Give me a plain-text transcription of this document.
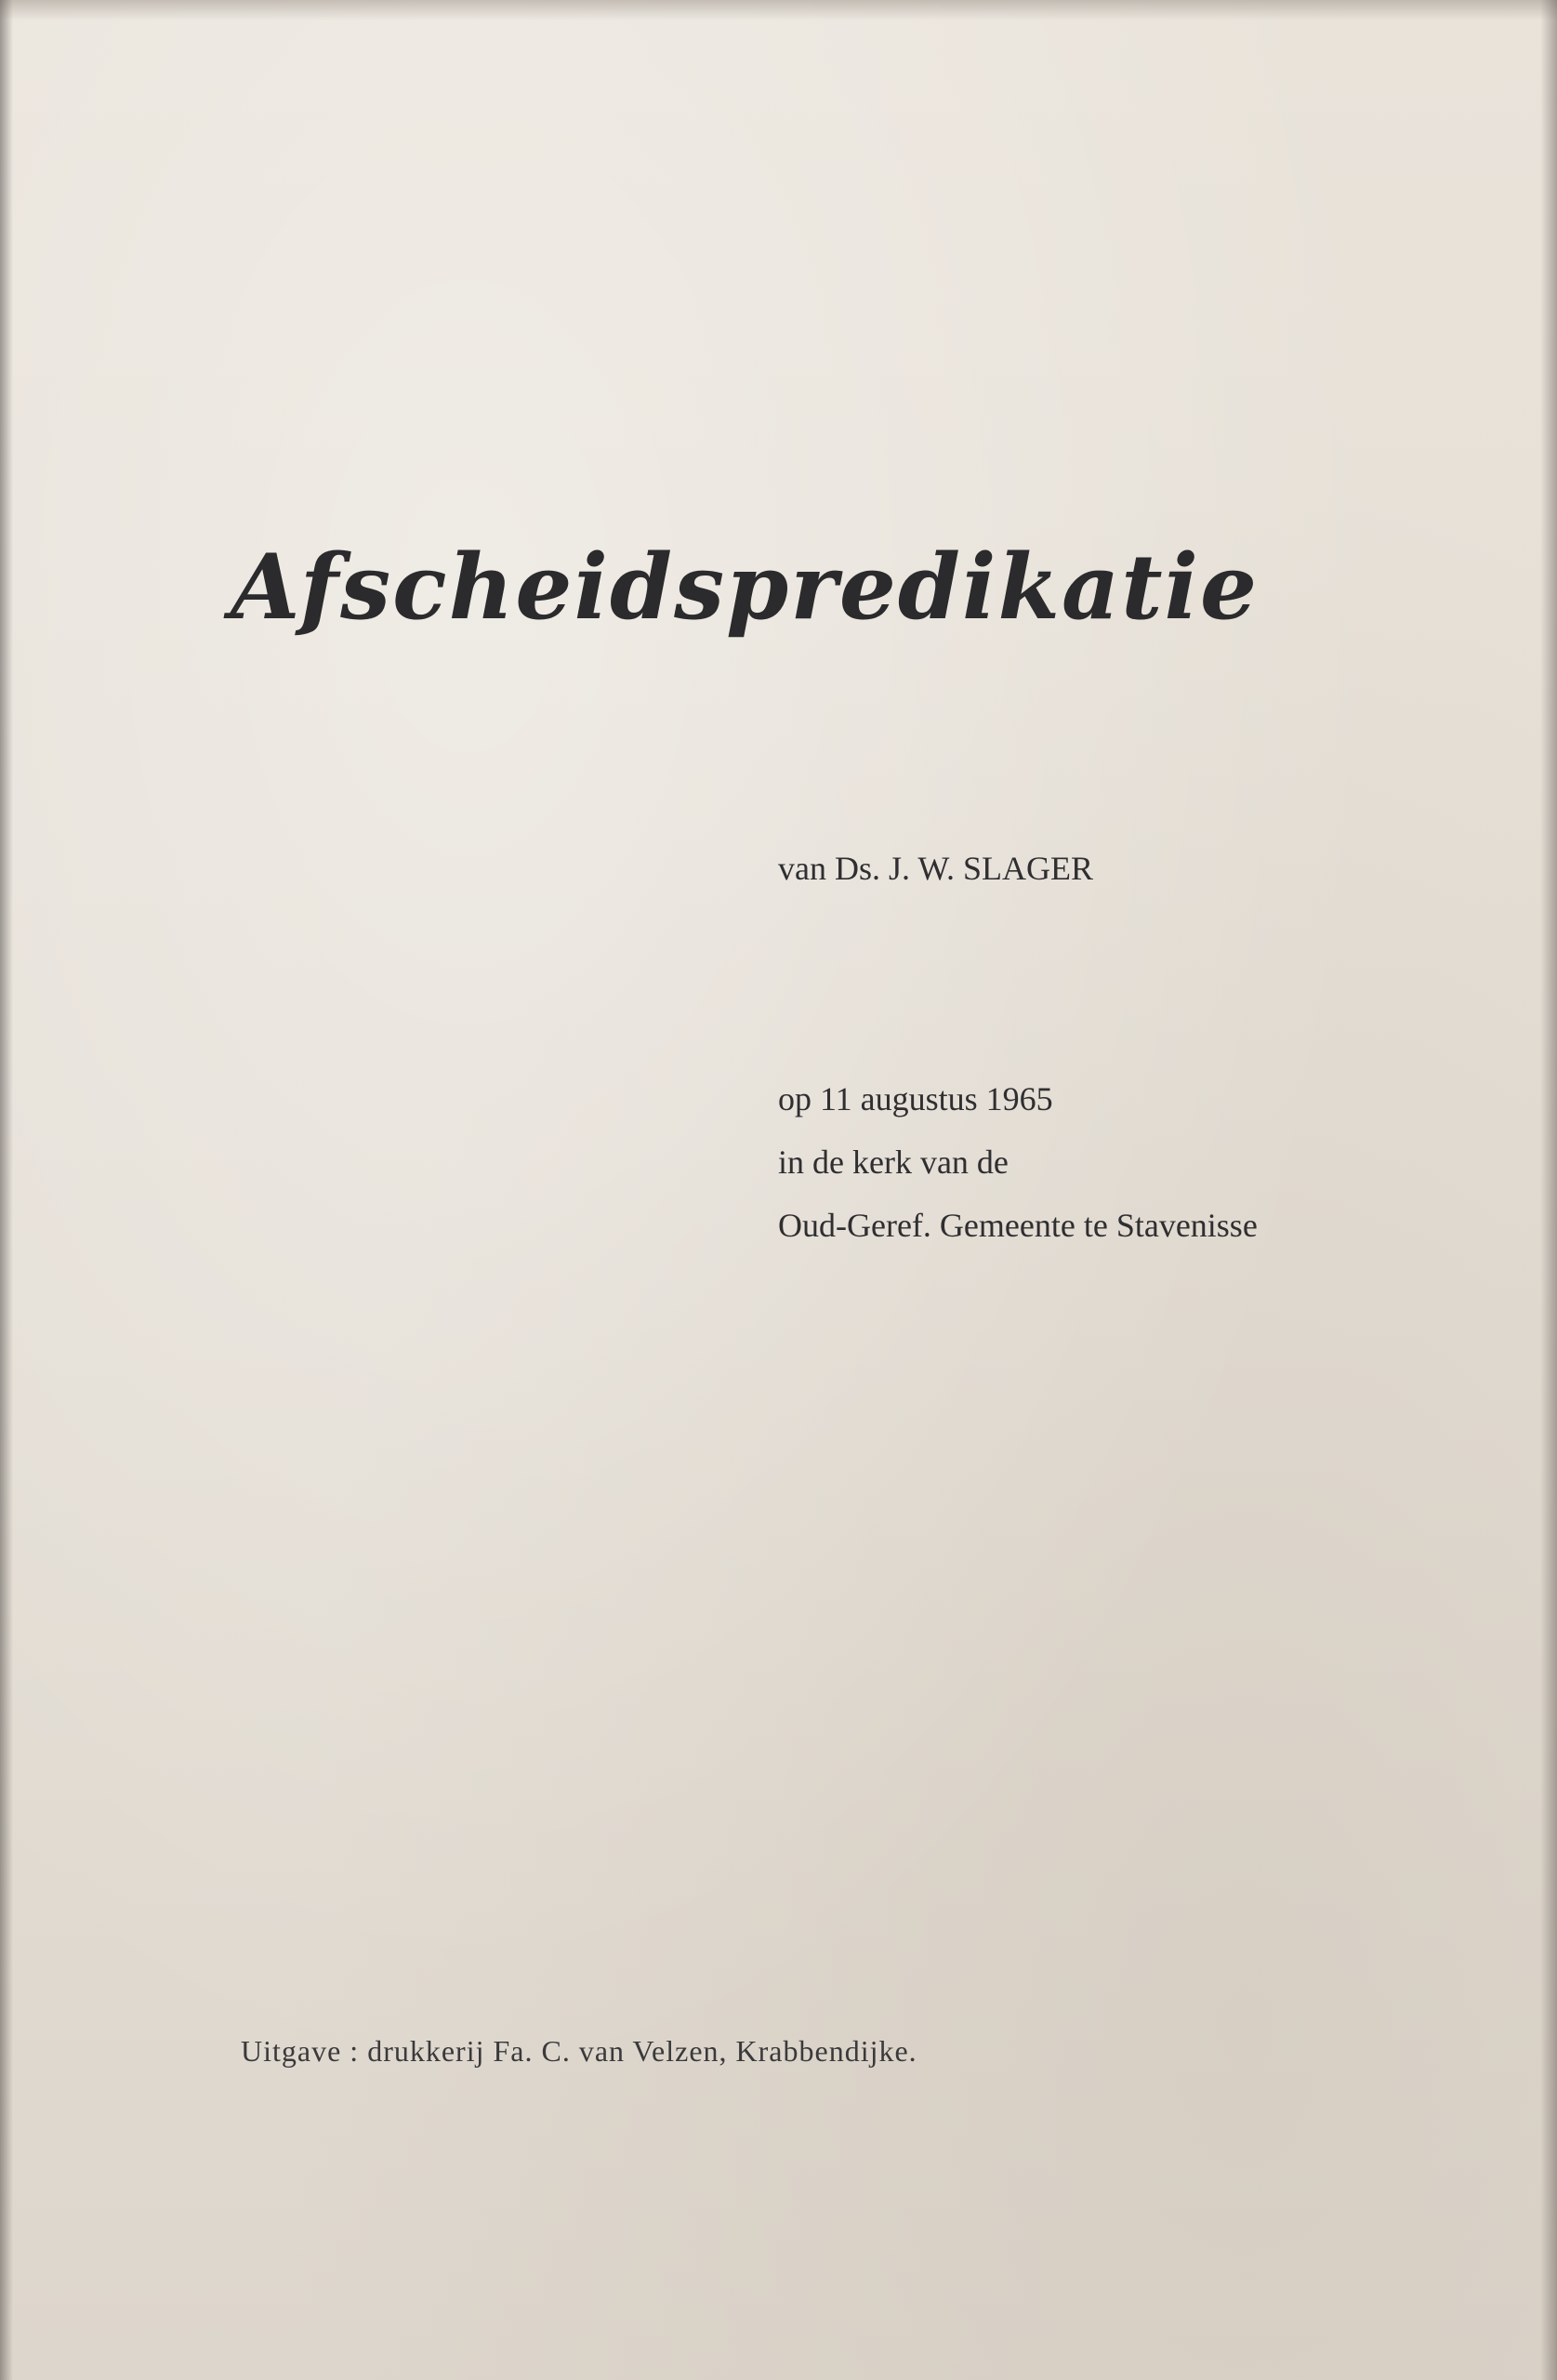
Afscheidspredikatie
van Ds. J. W. SLAGER
op 11 augustus 1965
in de kerk van de
Oud-Geref. Gemeente te Stavenisse
Uitgave : drukkerij Fa. C. van Velzen, Krabbendijke.
